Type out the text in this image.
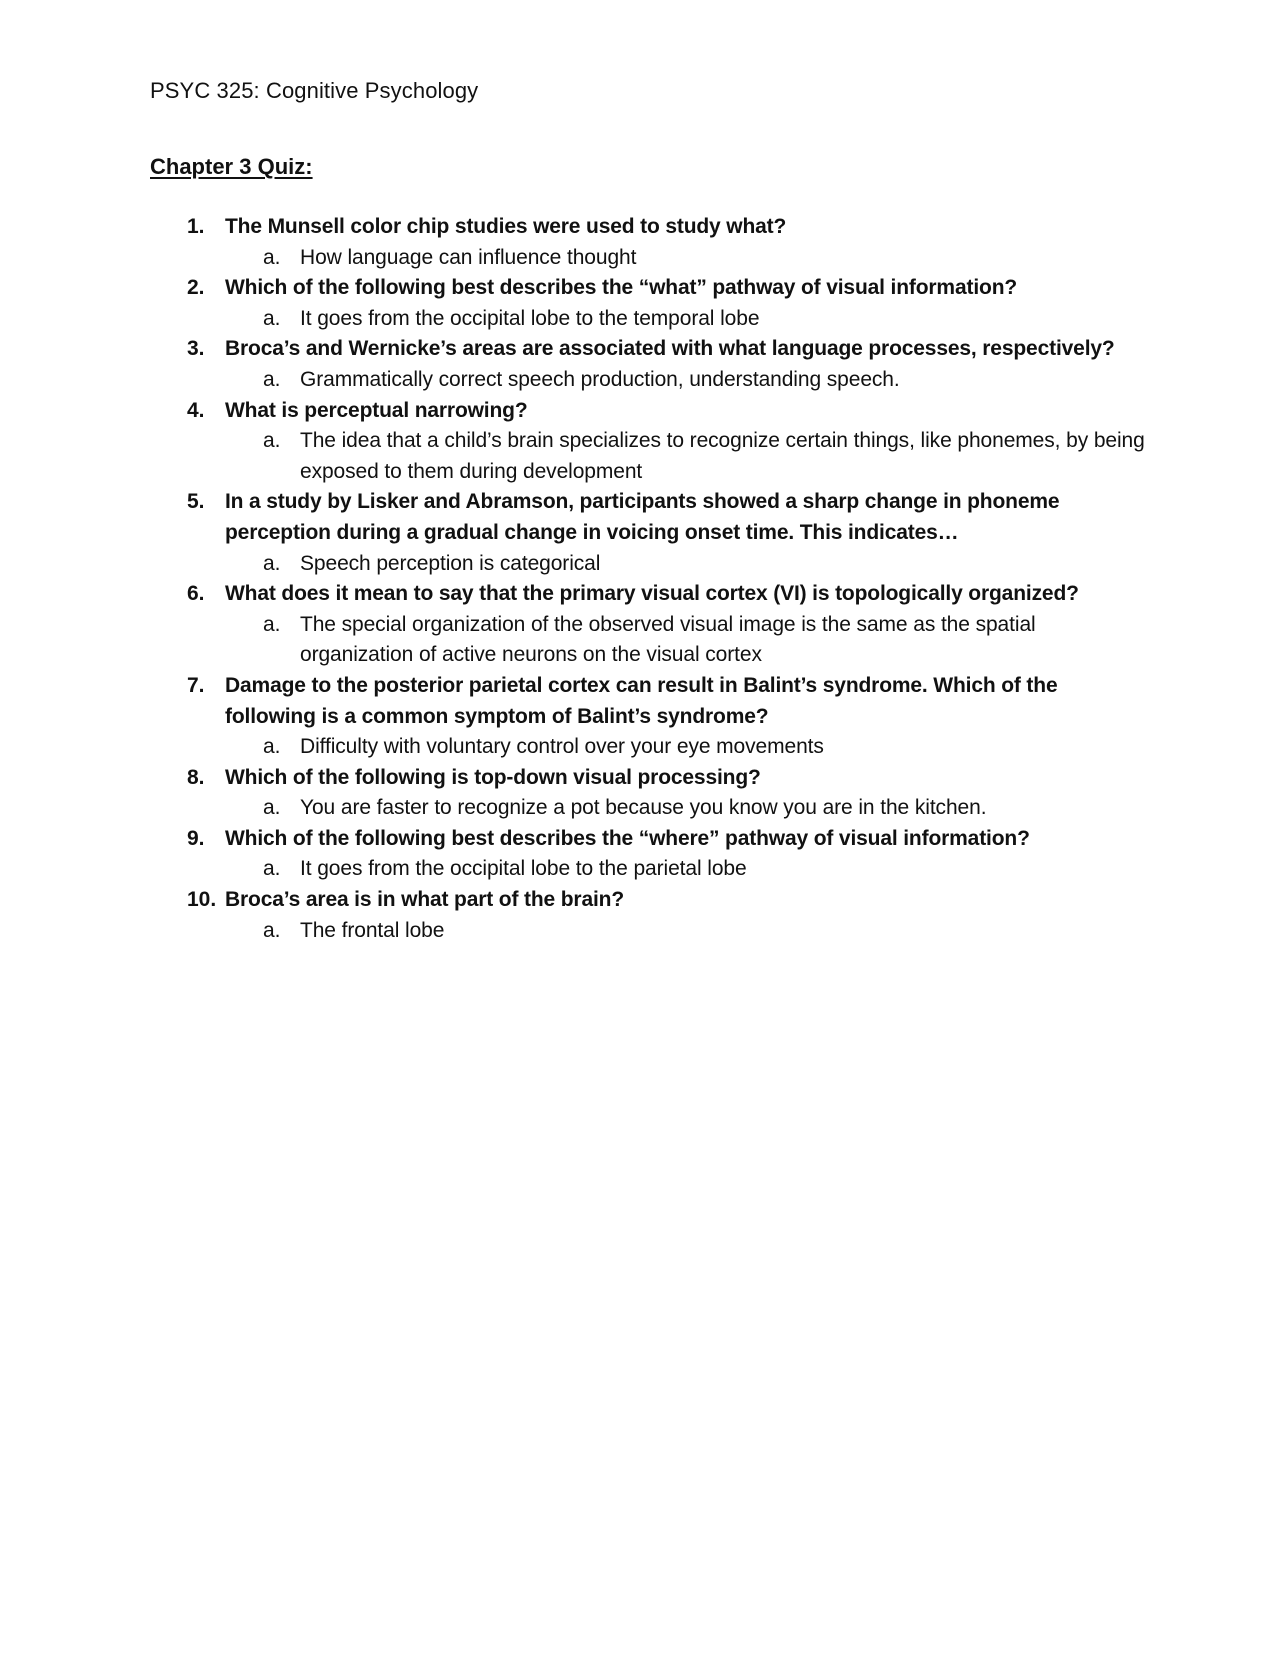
PSYC 325: Cognitive Psychology
Chapter 3 Quiz:
1. The Munsell color chip studies were used to study what?
a. How language can influence thought
2. Which of the following best describes the “what” pathway of visual information?
a. It goes from the occipital lobe to the temporal lobe
3. Broca’s and Wernicke’s areas are associated with what language processes, respectively?
a. Grammatically correct speech production, understanding speech.
4. What is perceptual narrowing?
a. The idea that a child’s brain specializes to recognize certain things, like phonemes, by being exposed to them during development
5. In a study by Lisker and Abramson, participants showed a sharp change in phoneme perception during a gradual change in voicing onset time. This indicates…
a. Speech perception is categorical
6. What does it mean to say that the primary visual cortex (VI) is topologically organized?
a. The special organization of the observed visual image is the same as the spatial organization of active neurons on the visual cortex
7. Damage to the posterior parietal cortex can result in Balint’s syndrome. Which of the following is a common symptom of Balint’s syndrome?
a. Difficulty with voluntary control over your eye movements
8. Which of the following is top-down visual processing?
a. You are faster to recognize a pot because you know you are in the kitchen.
9. Which of the following best describes the “where” pathway of visual information?
a. It goes from the occipital lobe to the parietal lobe
10. Broca’s area is in what part of the brain?
a. The frontal lobe
